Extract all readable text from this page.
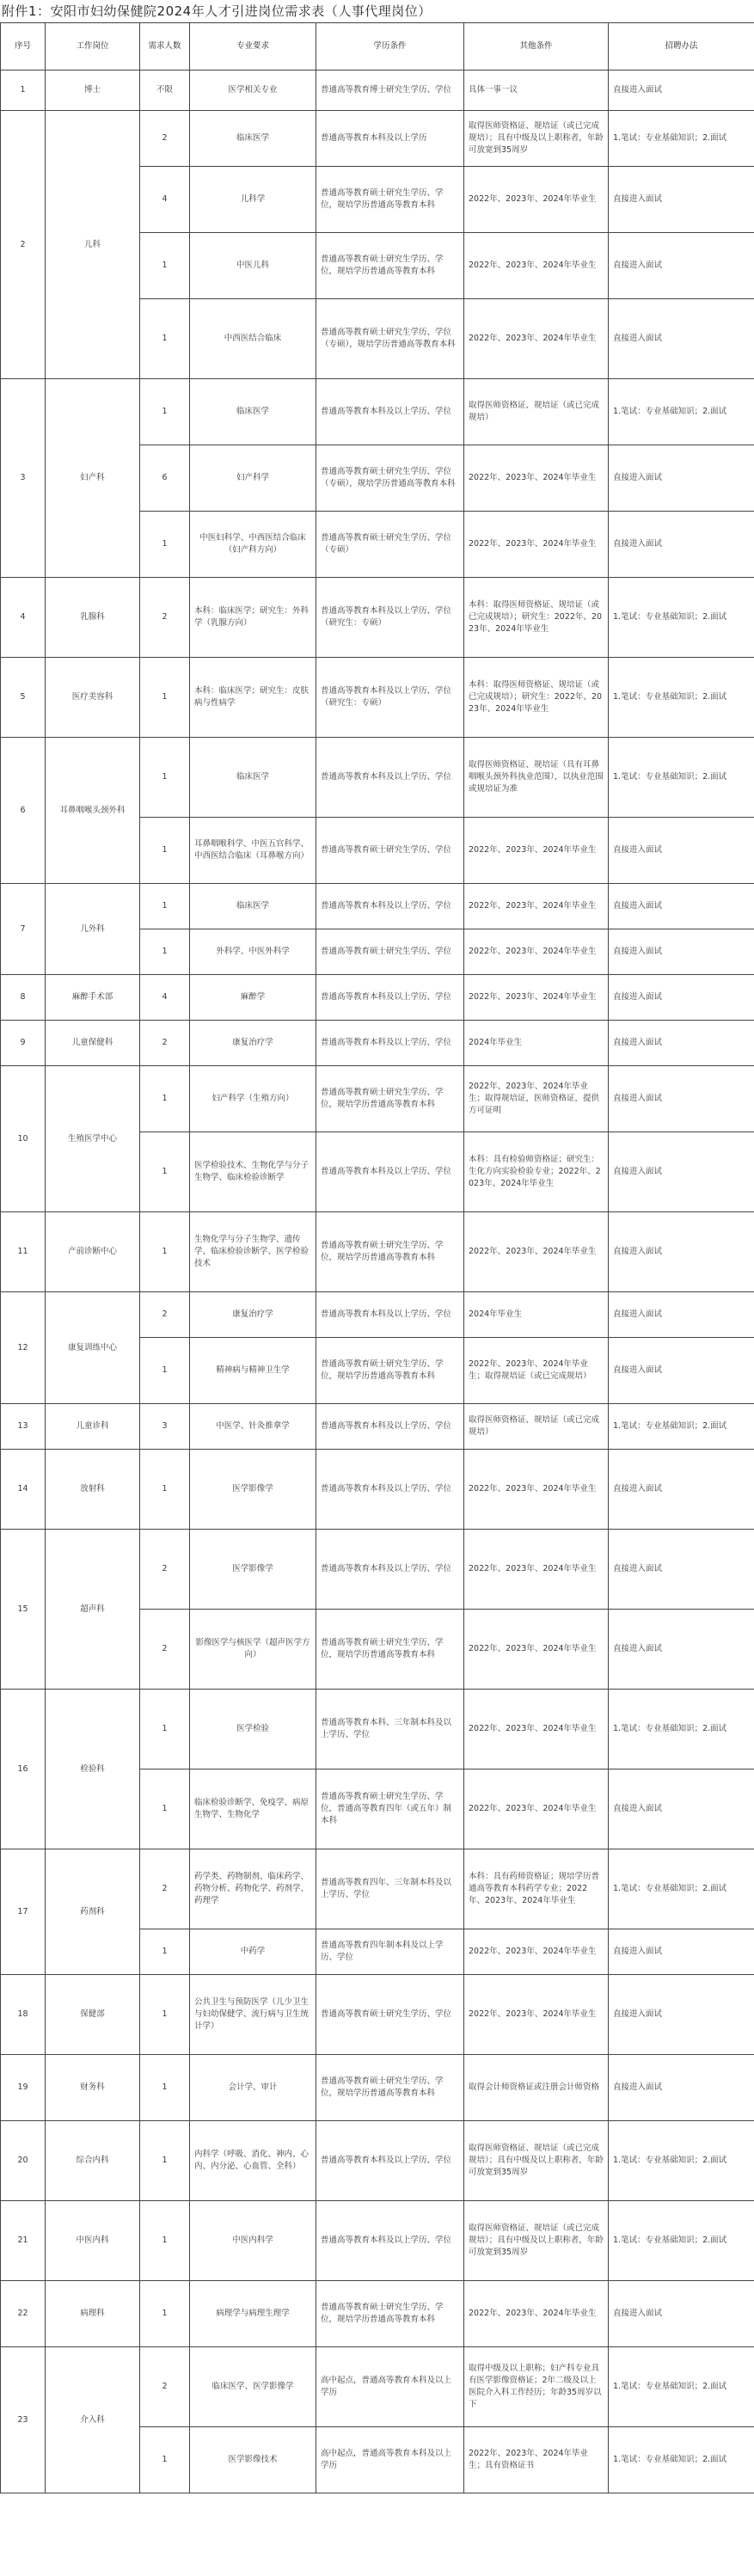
附件1：安阳市妇幼保健院2024年人才引进岗位需求表（人事代理岗位）
序号	工作岗位	需求人数	专业要求	学历条件	其他条件	招聘办法
1	博士	不限	医学相关专业	普通高等教育博士研究生学历、学位	具体一事一议	直接进入面试
2	儿科	2	临床医学	普通高等教育本科及以上学历	取得医师资格证、规培证（或已完成规培）；具有中级及以上职称者，年龄可放宽到35周岁	1.笔试：专业基础知识；2.面试
		4	儿科学	普通高等教育硕士研究生学历、学位，规培学历普通高等教育本科	2022年、2023年、2024年毕业生	直接进入面试
		1	中医儿科	普通高等教育硕士研究生学历、学位，规培学历普通高等教育本科	2022年、2023年、2024年毕业生	直接进入面试
		1	中西医结合临床	普通高等教育硕士研究生学历、学位（专硕），规培学历普通高等教育本科	2022年、2023年、2024年毕业生	直接进入面试
3	妇产科	1	临床医学	普通高等教育本科及以上学历、学位	取得医师资格证、规培证（或已完成规培）	1.笔试：专业基础知识；2.面试
		6	妇产科学	普通高等教育硕士研究生学历、学位（专硕），规培学历普通高等教育本科	2022年、2023年、2024年毕业生	直接进入面试
		1	中医妇科学、中西医结合临床（妇产科方向）	普通高等教育硕士研究生学历、学位（专硕）	2022年、2023年、2024年毕业生	直接进入面试
4	乳腺科	2	本科：临床医学；研究生：外科学（乳腺方向）	普通高等教育本科及以上学历、学位（研究生：专硕）	本科：取得医师资格证、规培证（或已完成规培）；研究生：2022年、2023年、2024年毕业生	1.笔试：专业基础知识；2.面试
5	医疗美容科	1	本科：临床医学；研究生：皮肤病与性病学	普通高等教育本科及以上学历、学位（研究生：专硕）	本科：取得医师资格证、规培证（或已完成规培）；研究生：2022年、2023年、2024年毕业生	1.笔试：专业基础知识；2.面试
6	耳鼻咽喉头颈外科	1	临床医学	普通高等教育本科及以上学历、学位	取得医师资格证、规培证（具有耳鼻咽喉头颈外科执业范围），以执业范围或规培证为准	1.笔试：专业基础知识；2.面试
		1	耳鼻咽喉科学、中医五官科学、中西医结合临床（耳鼻喉方向）	普通高等教育硕士研究生学历、学位	2022年、2023年、2024年毕业生	直接进入面试
7	儿外科	1	临床医学	普通高等教育本科及以上学历、学位	2022年、2023年、2024年毕业生	直接进入面试
		1	外科学、中医外科学	普通高等教育硕士研究生学历、学位	2022年、2023年、2024年毕业生	直接进入面试
8	麻醉手术部	4	麻醉学	普通高等教育本科及以上学历、学位	2022年、2023年、2024年毕业生	直接进入面试
9	儿童保健科	2	康复治疗学	普通高等教育本科及以上学历、学位	2024年毕业生	直接进入面试
10	生殖医学中心	1	妇产科学（生殖方向）	普通高等教育硕士研究生学历、学位，规培学历普通高等教育本科	2022年、2023年、2024年毕业生；取得规培证，医师资格证，提供方可证明	直接进入面试
		1	医学检验技术、生物化学与分子生物学、临床检验诊断学	普通高等教育本科及以上学历、学位	本科：具有检验师资格证；研究生：生化方向实验检验专业；2022年、2023年、2024年毕业生	直接进入面试
11	产前诊断中心	1	生物化学与分子生物学、遗传学、临床检验诊断学、医学检验技术	普通高等教育硕士研究生学历、学位，规培学历普通高等教育本科	2022年、2023年、2024年毕业生	直接进入面试
12	康复训练中心	2	康复治疗学	普通高等教育本科及以上学历、学位	2024年毕业生	直接进入面试
		1	精神病与精神卫生学	普通高等教育硕士研究生学历、学位，规培学历普通高等教育本科	2022年、2023年、2024年毕业生；取得规培证（或已完成规培）	直接进入面试
13	儿童诊科	3	中医学、针灸推拿学	普通高等教育本科及以上学历、学位	取得医师资格证、规培证（或已完成规培）	1.笔试：专业基础知识；2.面试
14	放射科	1	医学影像学	普通高等教育本科及以上学历、学位	2022年、2023年、2024年毕业生	直接进入面试
15	超声科	2	医学影像学	普通高等教育本科及以上学历、学位	2022年、2023年、2024年毕业生	直接进入面试
		2	影像医学与核医学（超声医学方向）	普通高等教育硕士研究生学历、学位，规培学历普通高等教育本科	2022年、2023年、2024年毕业生	直接进入面试
16	检验科	1	医学检验	普通高等教育本科、三年制本科及以上学历、学位	2022年、2023年、2024年毕业生	1.笔试：专业基础知识；2.面试
		1	临床检验诊断学、免疫学、病原生物学、生物化学	普通高等教育硕士研究生学历、学位，普通高等教育四年（或五年）制本科	2022年、2023年、2024年毕业生	直接进入面试
17	药剂科	2	药学类、药物制剂、临床药学、药物分析、药物化学、药剂学、药理学	普通高等教育四年、三年制本科及以上学历、学位	本科：具有药师资格证；规培学历普通高等教育本科药学专业；2022年、2023年、2024年毕业生	1.笔试：专业基础知识；2.面试
		1	中药学	普通高等教育四年制本科及以上学历、学位	2022年、2023年、2024年毕业生	直接进入面试
18	保健部	1	公共卫生与预防医学（儿少卫生与妇幼保健学、流行病与卫生统计学）	普通高等教育硕士研究生学历、学位	2022年、2023年、2024年毕业生	直接进入面试
19	财务科	1	会计学、审计	普通高等教育硕士研究生学历、学位，规培学历普通高等教育本科	取得会计师资格证或注册会计师资格	直接进入面试
20	综合内科	1	内科学（呼吸、消化、神内、心内、内分泌、心血管、全科）	普通高等教育本科及以上学历、学位	取得医师资格证、规培证（或已完成规培）；具有中级及以上职称者，年龄可放宽到35周岁	1.笔试：专业基础知识；2.面试
21	中医内科	1	中医内科学	普通高等教育本科及以上学历、学位	取得医师资格证、规培证（或已完成规培）；具有中级及以上职称者，年龄可放宽到35周岁	1.笔试：专业基础知识；2.面试
22	病理科	1	病理学与病理生理学	普通高等教育硕士研究生学历、学位，规培学历普通高等教育本科	2022年、2023年、2024年毕业生	直接进入面试
23	介入科	2	临床医学、医学影像学	高中起点，普通高等教育本科及以上学历	取得中级及以上职称；妇产科专业具有医学影像资格证；2年二级及以上医院介入科工作经历；年龄35周岁以下	1.笔试：专业基础知识；2.面试
		1	医学影像技术	高中起点，普通高等教育本科及以上学历	2022年、2023年、2024年毕业生；具有资格证书	1.笔试：专业基础知识；2.面试
